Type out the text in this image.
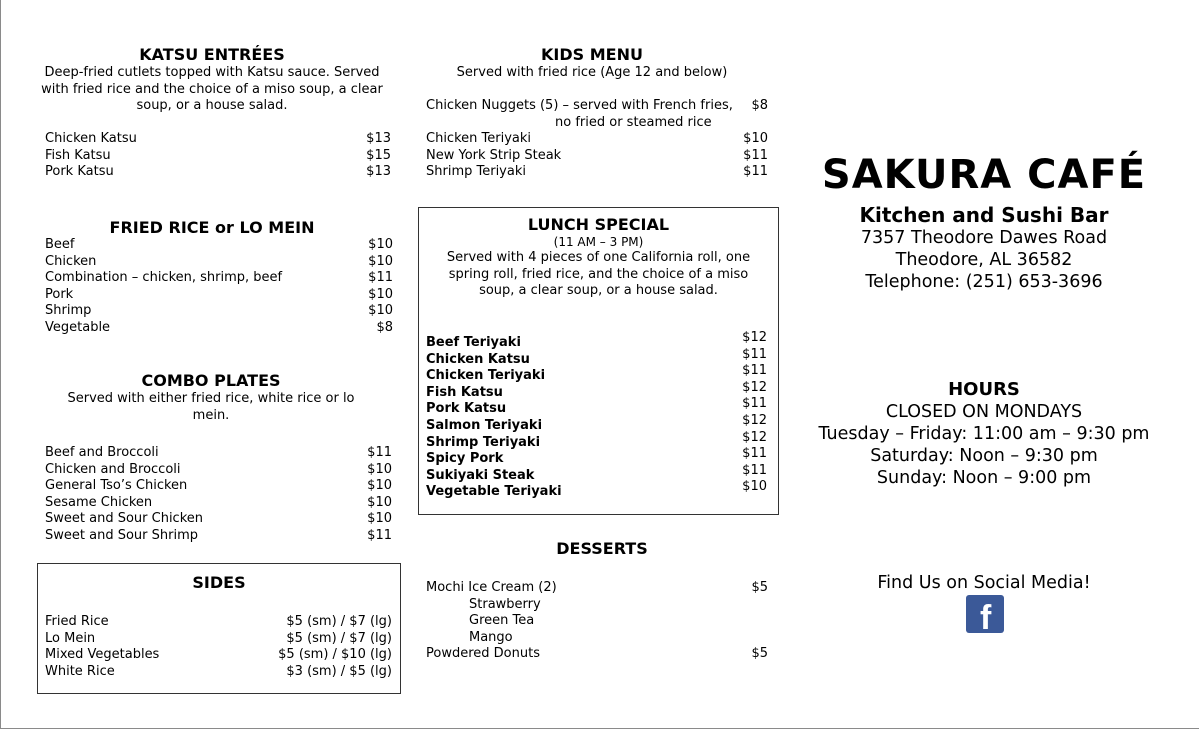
KATSU ENTRÉES
Deep-fried cutlets topped with Katsu sauce. Served with fried rice and the choice of a miso soup, a clear soup, or a house salad.
Chicken Katsu	$13
Fish Katsu	$15
Pork Katsu	$13
FRIED RICE or LO MEIN
Beef	$10
Chicken	$10
Combination – chicken, shrimp, beef	$11
Pork	$10
Shrimp	$10
Vegetable	$8
COMBO PLATES
Served with either fried rice, white rice or lo mein.
Beef and Broccoli	$11
Chicken and Broccoli	$10
General Tso’s Chicken	$10
Sesame Chicken	$10
Sweet and Sour Chicken	$10
Sweet and Sour Shrimp	$11
SIDES
Fried Rice	$5 (sm) / $7 (lg)
Lo Mein	$5 (sm) / $7 (lg)
Mixed Vegetables	$5 (sm) / $10 (lg)
White Rice	$3 (sm) / $5 (lg)
KIDS MENU
Served with fried rice (Age 12 and below)
Chicken Nuggets (5) – served with French fries, $8
no fried or steamed rice
Chicken Teriyaki	$10
New York Strip Steak	$11
Shrimp Teriyaki	$11
LUNCH SPECIAL
(11 AM – 3 PM)
Served with 4 pieces of one California roll, one spring roll, fried rice, and the choice of a miso soup, a clear soup, or a house salad.
Beef Teriyaki	$12
Chicken Katsu	$11
Chicken Teriyaki	$11
Fish Katsu	$12
Pork Katsu	$11
Salmon Teriyaki	$12
Shrimp Teriyaki	$12
Spicy Pork	$11
Sukiyaki Steak	$11
Vegetable Teriyaki	$10
DESSERTS
Mochi Ice Cream (2)	$5
Strawberry
Green Tea
Mango
Powdered Donuts	$5
SAKURA CAFÉ
Kitchen and Sushi Bar
7357 Theodore Dawes Road
Theodore, AL 36582
Telephone: (251) 653-3696
HOURS
CLOSED ON MONDAYS
Tuesday – Friday: 11:00 am – 9:30 pm
Saturday: Noon – 9:30 pm
Sunday: Noon – 9:00 pm
Find Us on Social Media!
f
